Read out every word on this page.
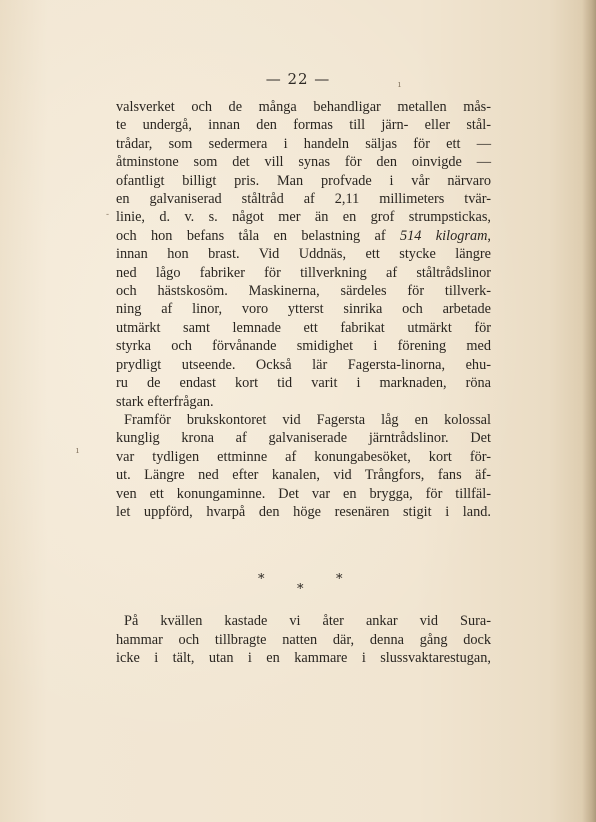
— 22 —
valsverket och de många behandligar metallen mås-
te undergå, innan den formas till järn- eller stål-
trådar, som sedermera i handeln säljas för ett —
åtminstone som det vill synas för den oinvigde —
ofantligt billigt pris. Man profvade i vår närvaro
en galvaniserad ståltråd af 2,11 millimeters tvär-
linie, d. v. s. något mer än en grof strumpstickas,
och hon befans tåla en belastning af 514 kilogram,
innan hon brast. Vid Uddnäs, ett stycke längre
ned lågo fabriker för tillverkning af ståltrådslinor
och hästskosöm. Maskinerna, särdeles för tillverk-
ning af linor, voro ytterst sinrika och arbetade
utmärkt samt lemnade ett fabrikat utmärkt för
styrka och förvånande smidighet i förening med
prydligt utseende. Också lär Fagersta-linorna, ehu-
ru de endast kort tid varit i marknaden, röna
stark efterfrågan.
Framför brukskontoret vid Fagersta låg en kolossal
kunglig krona af galvaniserade järntrådslinor. Det
var tydligen ettminne af konungabesöket, kort för-
ut. Längre ned efter kanalen, vid Trångfors, fans äf-
ven ett konungaminne. Det var en brygga, för tillfäl-
let uppförd, hvarpå den höge resenären stigit i land.
*
*
*
På kvällen kastade vi åter ankar vid Sura-
hammar och tillbragte natten där, denna gång dock
icke i tält, utan i en kammare i slussvaktarestugan,
ı
ı
-
